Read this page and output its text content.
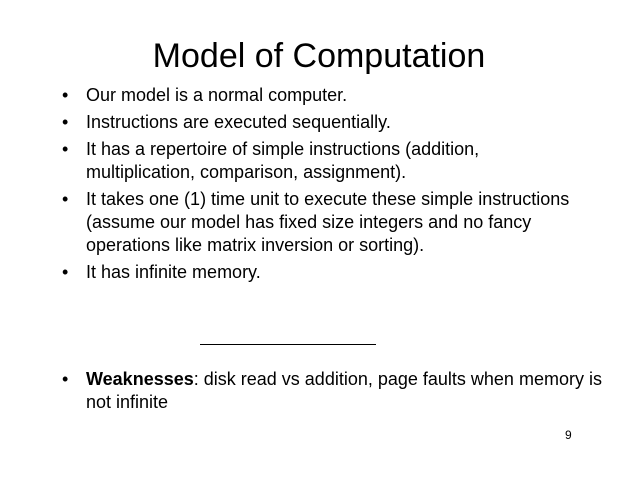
Model of Computation
• Our model is a normal computer.
• Instructions are executed sequentially.
• It has a repertoire of simple instructions (addition, multiplication, comparison, assignment).
• It takes one (1) time unit to execute these simple instructions (assume our model has fixed size integers and no fancy operations like matrix inversion or sorting).
• It has infinite memory.
• Weaknesses: disk read vs addition, page faults when memory is not infinite
9
